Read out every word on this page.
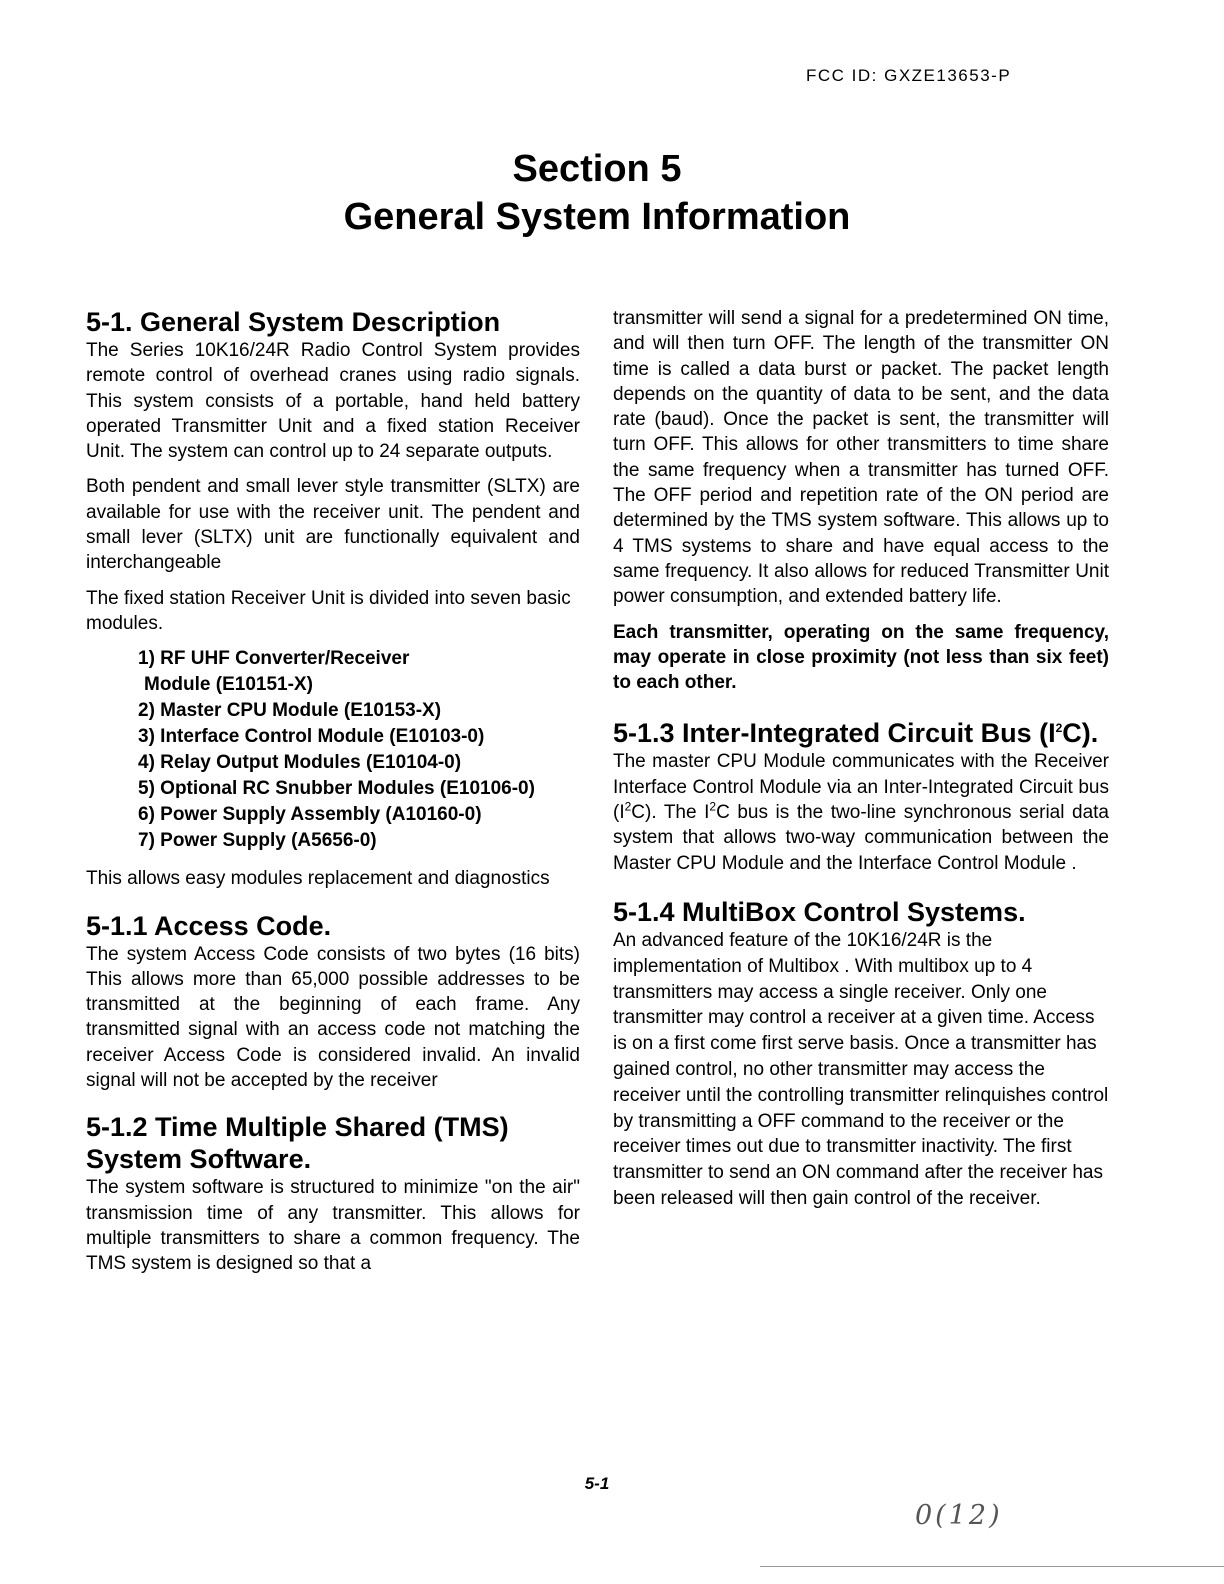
FCC ID: GXZE13653-P
Section 5
General System Information
5-1. General System Description

The Series 10K16/24R Radio Control System provides remote control of overhead cranes using radio signals. This system consists of a portable, hand held battery operated Transmitter Unit and a fixed station Receiver Unit. The system can control up to 24 separate outputs.

Both pendent and small lever style transmitter (SLTX) are available for use with the receiver unit. The pendent and small lever (SLTX) unit are functionally equivalent and interchangeable

The fixed station Receiver Unit is divided into seven basic modules.

1) RF UHF Converter/Receiver
Module (E10151-X)
2) Master CPU Module (E10153-X)
3) Interface Control Module (E10103-0)
4) Relay Output Modules (E10104-0)
5) Optional RC Snubber Modules (E10106-0)
6) Power Supply Assembly (A10160-0)
7) Power Supply (A5656-0)

This allows easy modules replacement and diagnostics

5-1.1 Access Code.

The system Access Code consists of two bytes (16 bits) This allows more than 65,000 possible addresses to be transmitted at the beginning of each frame. Any transmitted signal with an access code not matching the receiver Access Code is considered invalid. An invalid signal will not be accepted by the receiver

5-1.2 Time Multiple Shared (TMS) System Software.

The system software is structured to minimize "on the air" transmission time of any transmitter. This allows for multiple transmitters to share a common frequency. The TMS system is designed so that a

transmitter will send a signal for a predetermined ON time, and will then turn OFF. The length of the transmitter ON time is called a data burst or packet. The packet length depends on the quantity of data to be sent, and the data rate (baud). Once the packet is sent, the transmitter will turn OFF. This allows for other transmitters to time share the same frequency when a transmitter has turned OFF. The OFF period and repetition rate of the ON period are determined by the TMS system software. This allows up to 4 TMS systems to share and have equal access to the same frequency. It also allows for reduced Transmitter Unit power consumption, and extended battery life.

Each transmitter, operating on the same frequency, may operate in close proximity (not less than six feet) to each other.

5-1.3 Inter-Integrated Circuit Bus $(I^2C)$.

The master CPU Module communicates with the Receiver Interface Control Module via an Inter-Integrated Circuit bus $(I^2C)$. The $I^2C$ bus is the two-line synchronous serial data system that allows two-way communication between the Master CPU Module and the Interface Control Module .

5-1.4 MultiBox Control Systems.

An advanced feature of the 10K16/24R is the implementation of Multibox . With multibox up to 4 transmitters may access a single receiver. Only one transmitter may control a receiver at a given time. Access is on a first come first serve basis. Once a transmitter has gained control, no other transmitter may access the receiver until the controlling transmitter relinquishes control by transmitting a OFF command to the receiver or the receiver times out due to transmitter inactivity. The first transmitter to send an ON command after the receiver has been released will then gain control of the receiver.

5-1
0(12)
